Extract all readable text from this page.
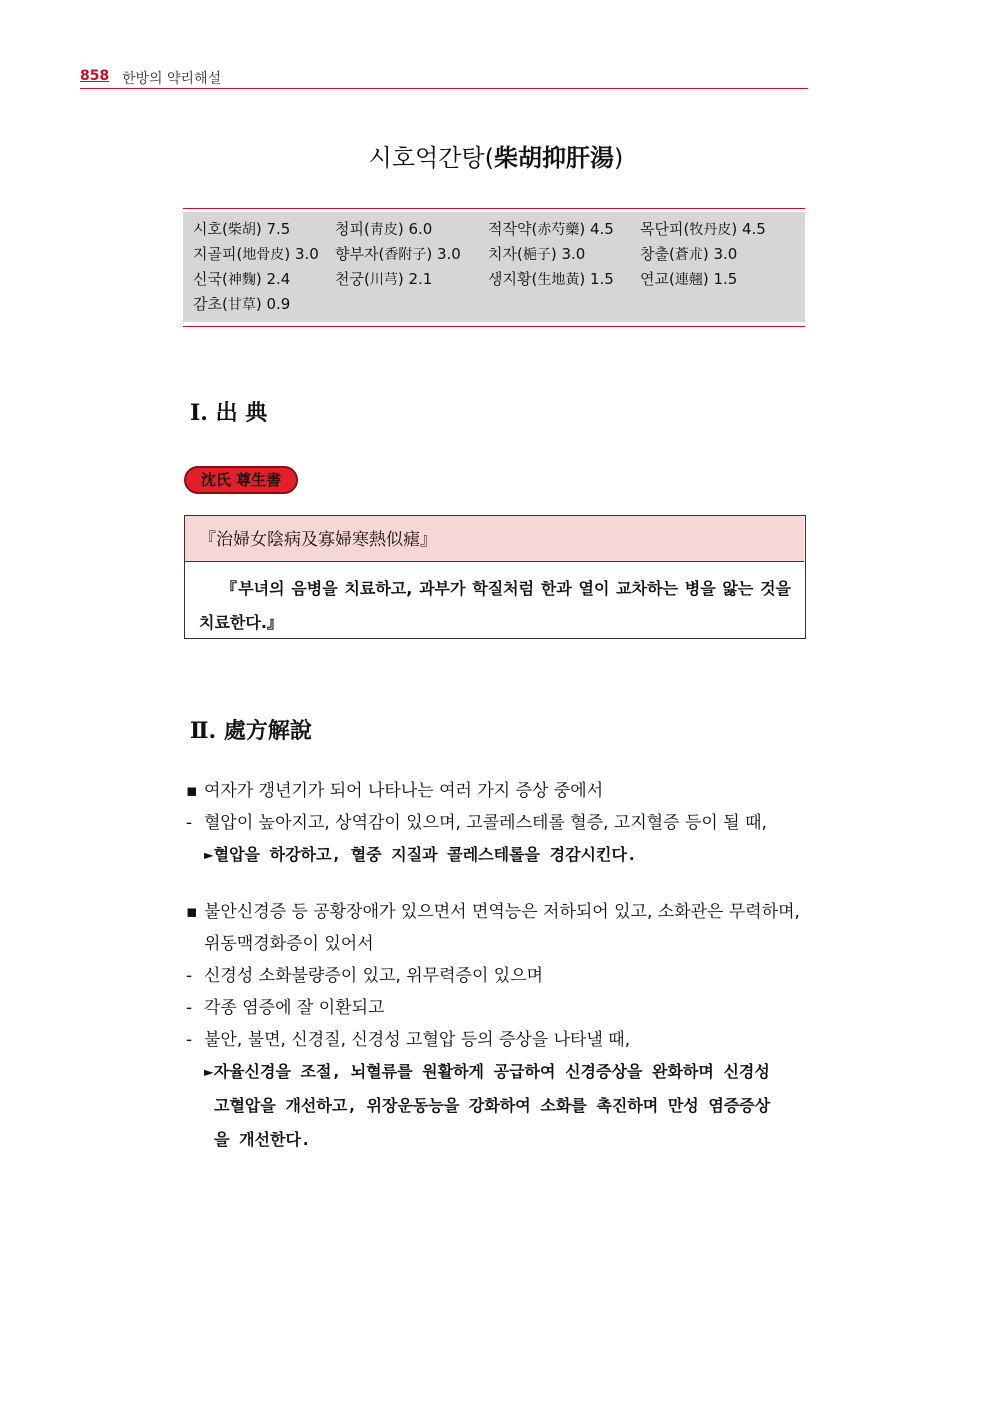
858 한방의 약리해설
시호억간탕(柴胡抑肝湯)
시호(柴胡) 7.5	청피(靑皮) 6.0	적작약(赤芍藥) 4.5 목단피(牧丹皮) 4.5
지골피(地骨皮) 3.0 향부자(香附子) 3.0 치자(梔子) 3.0	창출(蒼朮) 3.0
신국(神麴) 2.4	천궁(川芎) 2.1	생지황(生地黃) 1.5 연교(連翹) 1.5
감초(甘草) 0.9
Ⅰ. 出 典
沈氏 尊生書
『治婦女陰病及寡婦寒熱似瘧』
『부녀의 음병을 치료하고, 과부가 학질처럼 한과 열이 교차하는 병을 앓는 것을 치료한다.』
Ⅱ. 處方解說
▪ 여자가 갱년기가 되어 나타나는 여러 가지 증상 중에서
- 혈압이 높아지고, 상역감이 있으며, 고콜레스테롤 혈증, 고지혈증 등이 될 때,
►혈압을 하강하고, 혈중 지질과 콜레스테롤을 경감시킨다.
▪ 불안신경증 등 공황장애가 있으면서 면역능은 저하되어 있고, 소화관은 무력하며,
위동맥경화증이 있어서
- 신경성 소화불량증이 있고, 위무력증이 있으며
- 각종 염증에 잘 이환되고
- 불안, 불면, 신경질, 신경성 고혈압 등의 증상을 나타낼 때,
►자율신경을 조절, 뇌혈류를 원활하게 공급하여 신경증상을 완화하며 신경성
고혈압을 개선하고, 위장운동능을 강화하여 소화를 촉진하며 만성 염증증상
을 개선한다.
